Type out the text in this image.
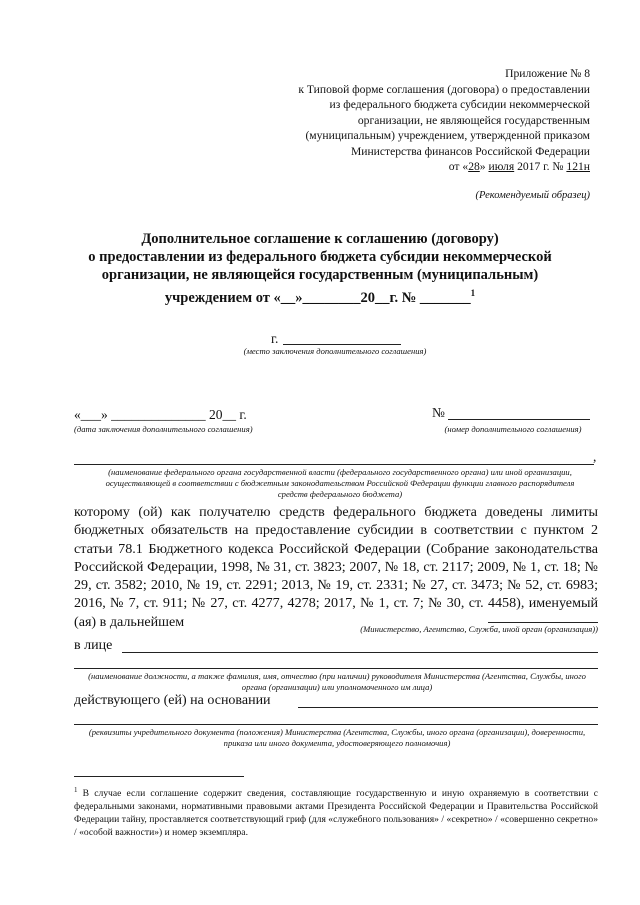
Приложение № 8
к Типовой форме соглашения (договора) о предоставлении
из федерального бюджета субсидии некоммерческой
организации, не являющейся государственным
(муниципальным) учреждением, утвержденной приказом
Министерства финансов Российской Федерации
от «28» июля 2017 г. № 121н
(Рекомендуемый образец)
Дополнительное соглашение к соглашению (договору)
о предоставлении из федерального бюджета субсидии некоммерческой
организации, не являющейся государственным (муниципальным)
учреждением от «__»________20__г. № _______$^1$
г.
(место заключения дополнительного соглашения)
«___» ______________ 20__ г.
(дата заключения дополнительного соглашения)
№
(номер дополнительного соглашения)
,
(наименование федерального органа государственной власти (федерального государственного органа) или иной организации, осуществляющей в соответствии с бюджетным законодательством Российской Федерации функции главного распорядителя средств федерального бюджета)
которому (ой) как получателю средств федерального бюджета доведены лимиты бюджетных обязательств на предоставление субсидии в соответствии с пунктом 2 статьи 78.1 Бюджетного кодекса Российской Федерации (Собрание законодательства Российской Федерации, 1998, № 31, ст. 3823; 2007, № 18, ст. 2117; 2009, № 1, ст. 18; № 29, ст. 3582; 2010, № 19, ст. 2291; 2013, № 19, ст. 2331; № 27, ст. 3473; № 52, ст. 6983; 2016, № 7, ст. 911; № 27, ст. 4277, 4278; 2017, № 1, ст. 7; № 30, ст. 4458), именуемый (ая) в дальнейшем	(Министерство, Агентство, Служба, иной орган (организация))
в лице
(наименование должности, а также фамилия, имя, отчество (при наличии) руководителя Министерства (Агентства, Службы, иного органа (организации) или уполномоченного им лица)
действующего (ей) на основании
(реквизиты учредительного документа (положения) Министерства (Агентства, Службы, иного органа (организации), доверенности, приказа или иного документа, удостоверяющего полномочия)
$^1$ В случае если соглашение содержит сведения, составляющие государственную и иную охраняемую в соответствии с федеральными законами, нормативными правовыми актами Президента Российской Федерации и Правительства Российской Федерации тайну, проставляется соответствующий гриф (для «служебного пользования» / «секретно» / «совершенно секретно» / «особой важности») и номер экземпляра.
